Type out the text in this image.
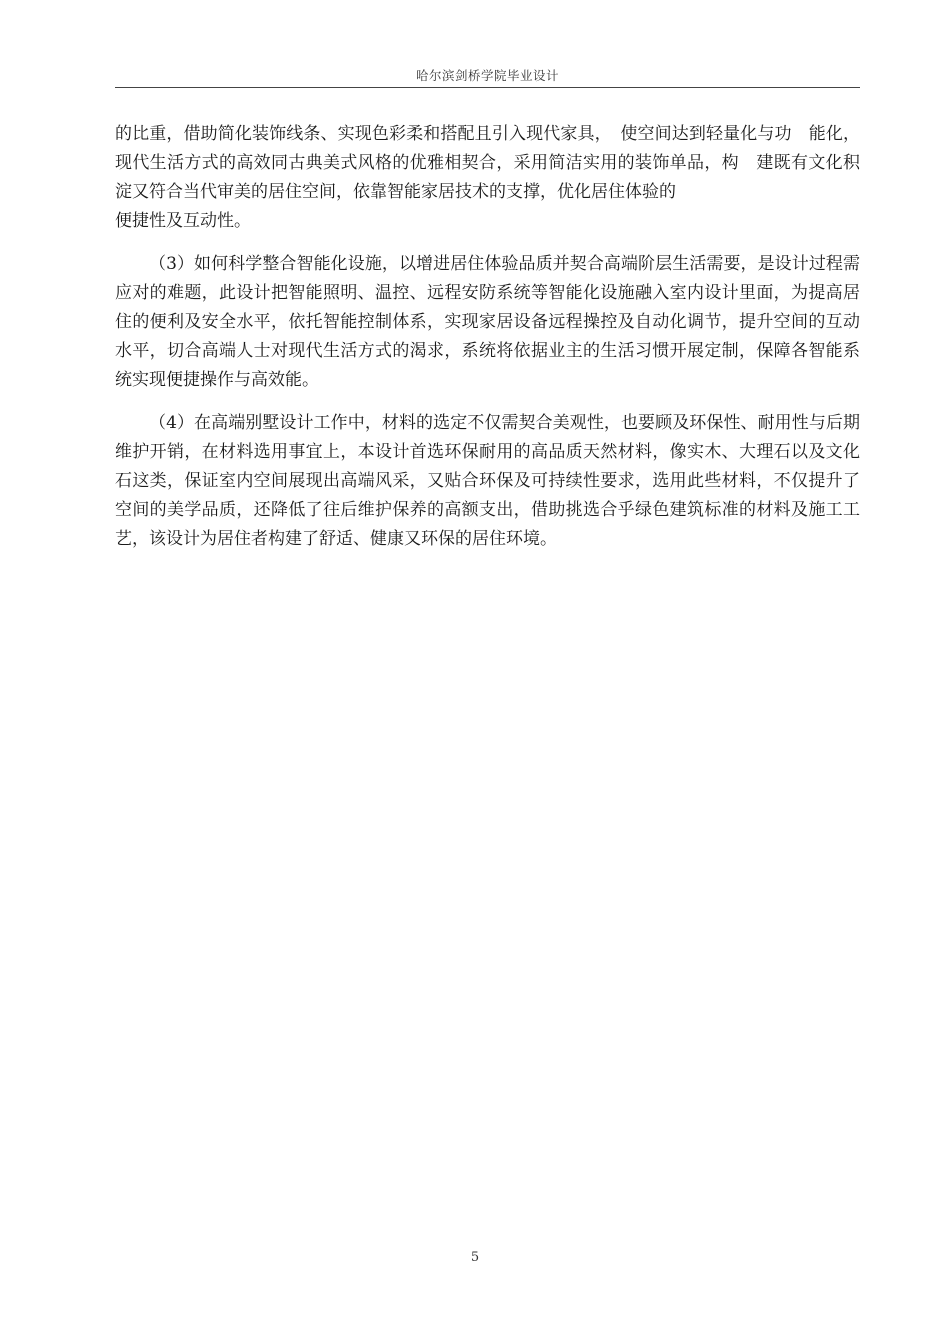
哈尔滨剑桥学院毕业设计

的比重，借助简化装饰线条、实现色彩柔和搭配且引入现代家具，　使空间达到轻量化与功　能化，现代生活方式的高效同古典美式风格的优雅相契合，采用简洁实用的装饰单品，构　建既有文化积淀又符合当代审美的居住空间，依靠智能家居技术的支撑，优化居住体验的

便捷性及互动性。

（3）如何科学整合智能化设施，以增进居住体验品质并契合高端阶层生活需要，是设计过程需应对的难题，此设计把智能照明、温控、远程安防系统等智能化设施融入室内设计里面，为提高居住的便利及安全水平，依托智能控制体系，实现家居设备远程操控及自动化调节，提升空间的互动水平，切合高端人士对现代生活方式的渴求，系统将依据业主的生活习惯开展定制，保障各智能系统实现便捷操作与高效能。

（4）在高端别墅设计工作中，材料的选定不仅需契合美观性，也要顾及环保性、耐用性与后期维护开销，在材料选用事宜上，本设计首选环保耐用的高品质天然材料，像实木、大理石以及文化石这类，保证室内空间展现出高端风采，又贴合环保及可持续性要求，选用此些材料，不仅提升了空间的美学品质，还降低了往后维护保养的高额支出，借助挑选合乎绿色建筑标准的材料及施工工艺，该设计为居住者构建了舒适、健康又环保的居住环境。

5
